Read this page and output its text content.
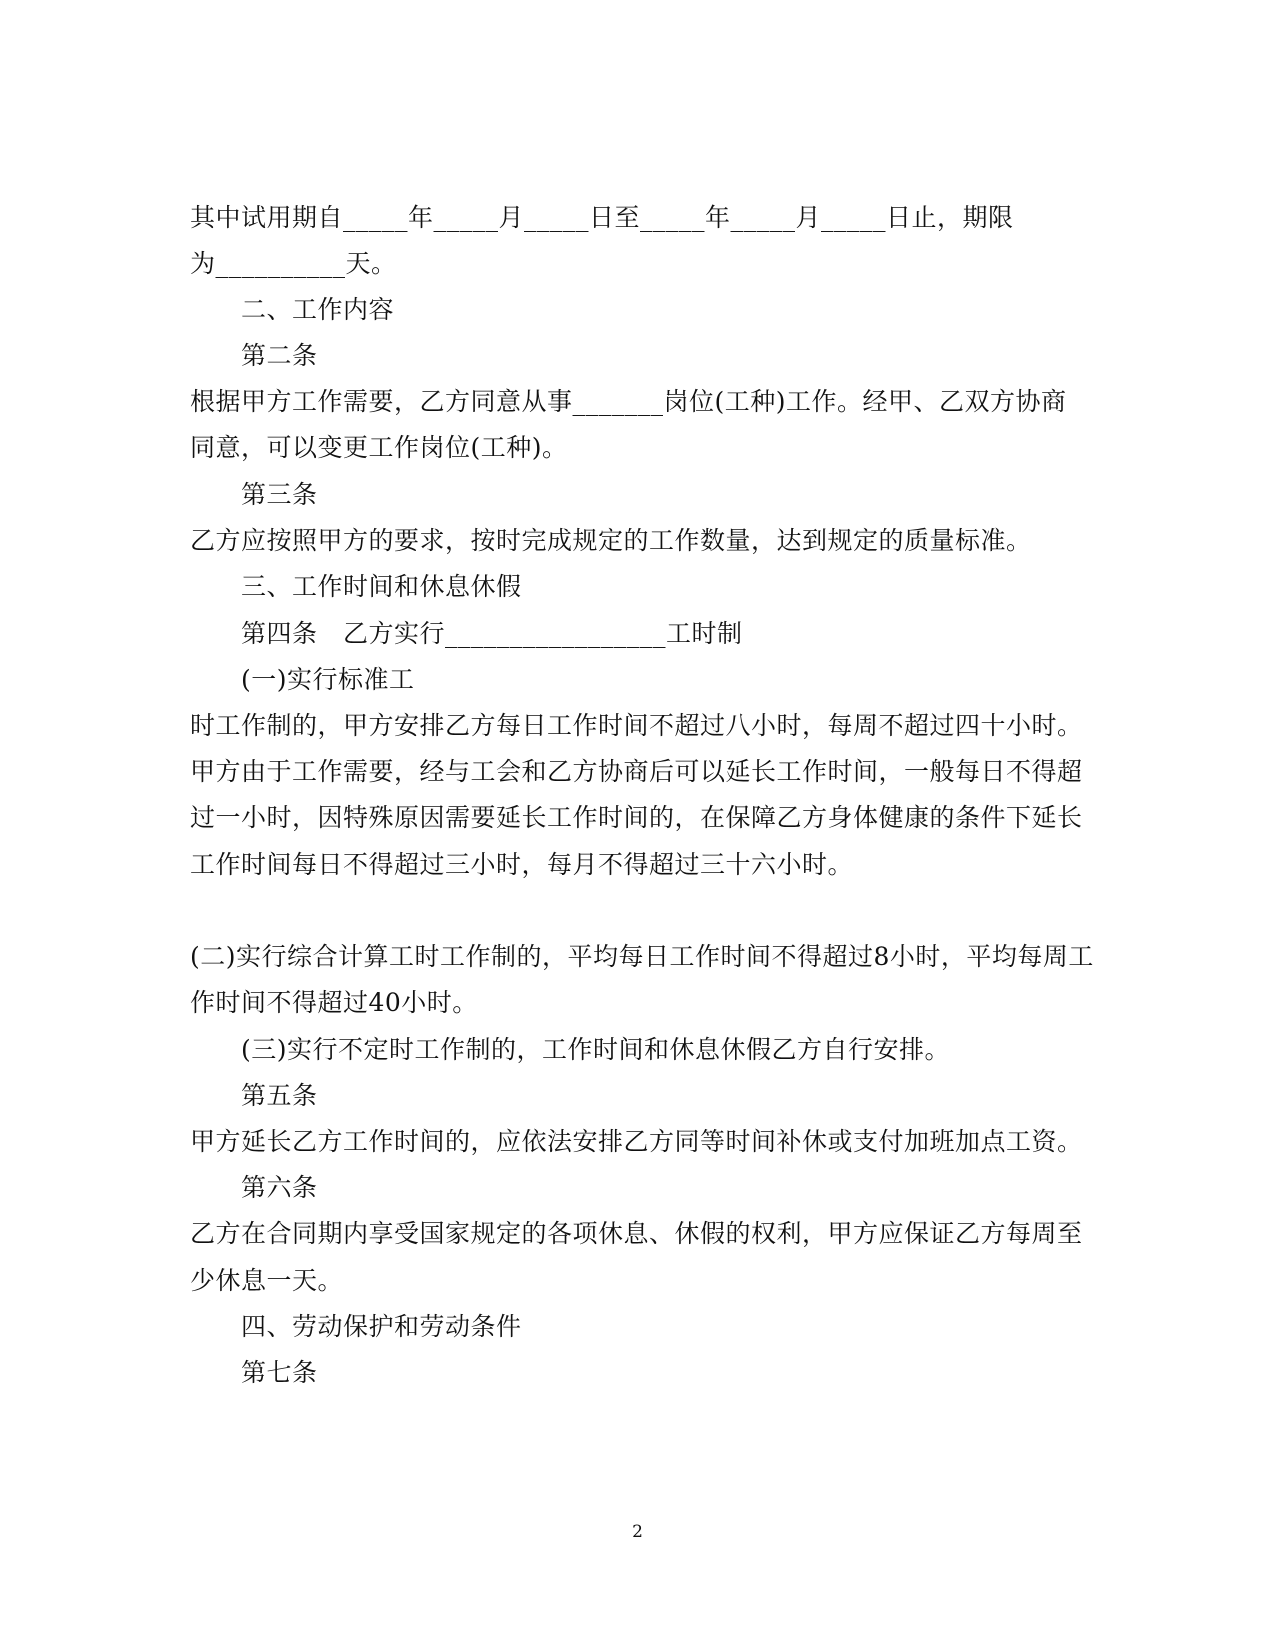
其中试用期自_____年_____月_____日至_____年_____月_____日止，期限
为__________天。
二、工作内容
第二条
根据甲方工作需要，乙方同意从事_______岗位(工种)工作。经甲、乙双方协商
同意，可以变更工作岗位(工种)。
第三条
乙方应按照甲方的要求，按时完成规定的工作数量，达到规定的质量标准。
三、工作时间和休息休假
第四条　乙方实行_________________工时制
(一)实行标准工
时工作制的，甲方安排乙方每日工作时间不超过八小时，每周不超过四十小时。
甲方由于工作需要，经与工会和乙方协商后可以延长工作时间，一般每日不得超
过一小时，因特殊原因需要延长工作时间的，在保障乙方身体健康的条件下延长
工作时间每日不得超过三小时，每月不得超过三十六小时。
(二)实行综合计算工时工作制的，平均每日工作时间不得超过8小时，平均每周工
作时间不得超过40小时。
(三)实行不定时工作制的，工作时间和休息休假乙方自行安排。
第五条
甲方延长乙方工作时间的，应依法安排乙方同等时间补休或支付加班加点工资。
第六条
乙方在合同期内享受国家规定的各项休息、休假的权利，甲方应保证乙方每周至
少休息一天。
四、劳动保护和劳动条件
第七条
2
